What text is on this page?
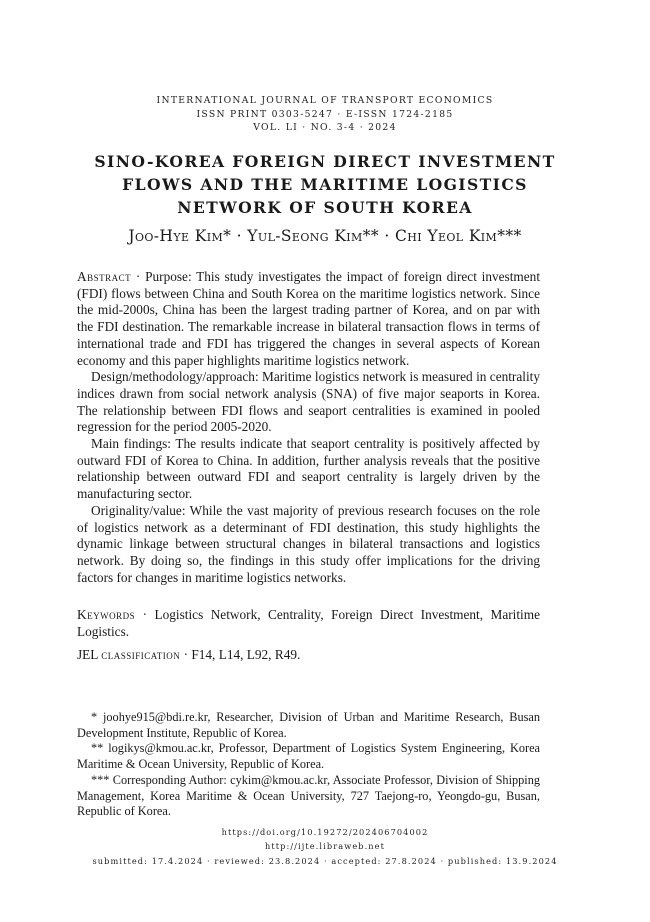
INTERNATIONAL JOURNAL OF TRANSPORT ECONOMICS
ISSN PRINT 0303-5247 · E-ISSN 1724-2185
VOL. LI · NO. 3-4 · 2024
SINO-KOREA FOREIGN DIRECT INVESTMENT
FLOWS AND THE MARITIME LOGISTICS
NETWORK OF SOUTH KOREA
Joo-Hye Kim* · Yul-Seong Kim** · Chi Yeol Kim***

Abstract · Purpose: This study investigates the impact of foreign direct investment (FDI) flows between China and South Korea on the maritime logistics network. Since the mid-2000s, China has been the largest trading partner of Korea, and on par with the FDI destination. The remarkable increase in bilateral transaction flows in terms of international trade and FDI has triggered the changes in several aspects of Korean economy and this paper highlights maritime logistics network.

Design/methodology/approach: Maritime logistics network is measured in centrality indices drawn from social network analysis (SNA) of five major seaports in Korea. The relationship between FDI flows and seaport centralities is examined in pooled regression for the period 2005-2020.

Main findings: The results indicate that seaport centrality is positively affected by outward FDI of Korea to China. In addition, further analysis reveals that the positive relationship between outward FDI and seaport centrality is largely driven by the manufacturing sector.

Originality/value: While the vast majority of previous research focuses on the role of logistics network as a determinant of FDI destination, this study highlights the dynamic linkage between structural changes in bilateral transactions and logistics network. By doing so, the findings in this study offer implications for the driving factors for changes in maritime logistics networks.

Keywords · Logistics Network, Centrality, Foreign Direct Investment, Maritime Logistics.
JEL classification · F14, L14, L92, R49.

* joohye915@bdi.re.kr, Researcher, Division of Urban and Maritime Research, Busan Development Institute, Republic of Korea.

** logikys@kmou.ac.kr, Professor, Department of Logistics System Engineering, Korea Maritime & Ocean University, Republic of Korea.

*** Corresponding Author: cykim@kmou.ac.kr, Associate Professor, Division of Shipping Management, Korea Maritime & Ocean University, 727 Taejong-ro, Yeongdo-gu, Busan, Republic of Korea.

https://doi.org/10.19272/202406704002
http://ijte.libraweb.net
submitted: 17.4.2024 · reviewed: 23.8.2024 · accepted: 27.8.2024 · published: 13.9.2024
